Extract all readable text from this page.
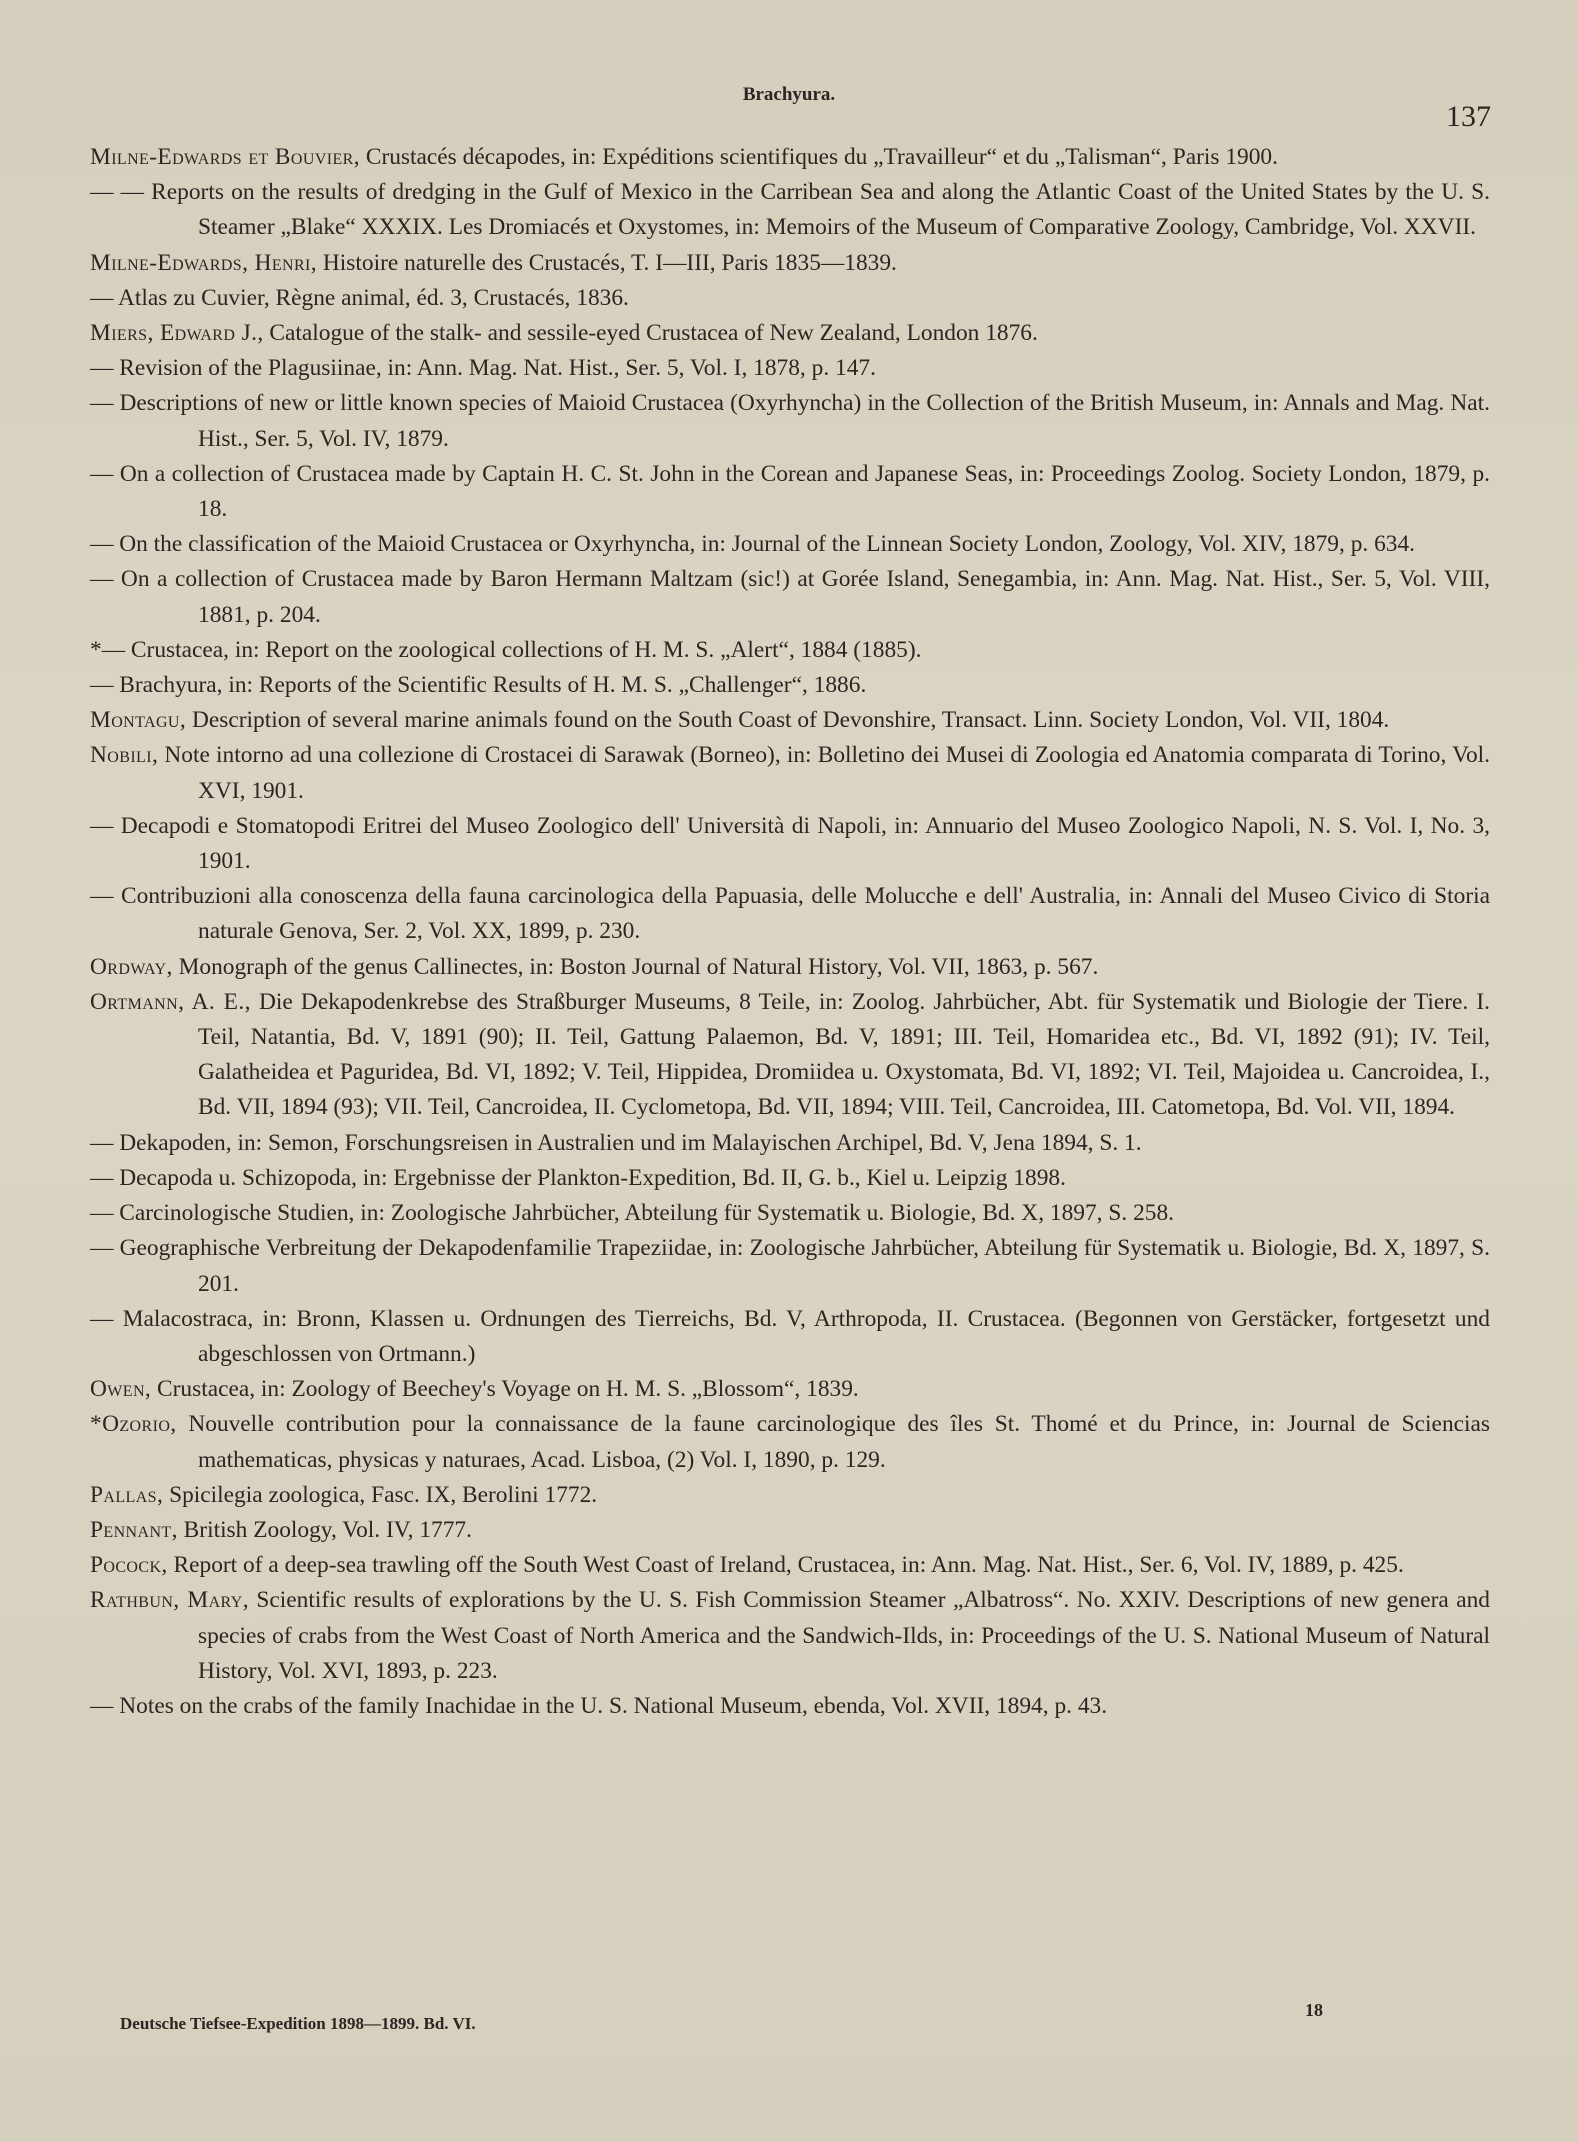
Brachyura.
137
Milne-Edwards et Bouvier, Crustacés décapodes, in: Expéditions scientifiques du „Travailleur“ et du „Talisman“, Paris 1900.
— — Reports on the results of dredging in the Gulf of Mexico in the Carribean Sea and along the Atlantic Coast of the United States by the U. S. Steamer „Blake“ XXXIX. Les Dromiacés et Oxystomes, in: Memoirs of the Museum of Comparative Zoology, Cambridge, Vol. XXVII.
Milne-Edwards, Henri, Histoire naturelle des Crustacés, T. I—III, Paris 1835—1839.
— Atlas zu Cuvier, Règne animal, éd. 3, Crustacés, 1836.
Miers, Edward J., Catalogue of the stalk- and sessile-eyed Crustacea of New Zealand, London 1876.
— Revision of the Plagusiinae, in: Ann. Mag. Nat. Hist., Ser. 5, Vol. I, 1878, p. 147.
— Descriptions of new or little known species of Maioid Crustacea (Oxyrhyncha) in the Collection of the British Museum, in: Annals and Mag. Nat. Hist., Ser. 5, Vol. IV, 1879.
— On a collection of Crustacea made by Captain H. C. St. John in the Corean and Japanese Seas, in: Proceedings Zoolog. Society London, 1879, p. 18.
— On the classification of the Maioid Crustacea or Oxyrhyncha, in: Journal of the Linnean Society London, Zoology, Vol. XIV, 1879, p. 634.
— On a collection of Crustacea made by Baron Hermann Maltzam (sic!) at Gorée Island, Senegambia, in: Ann. Mag. Nat. Hist., Ser. 5, Vol. VIII, 1881, p. 204.
*— Crustacea, in: Report on the zoological collections of H. M. S. „Alert“, 1884 (1885).
— Brachyura, in: Reports of the Scientific Results of H. M. S. „Challenger“, 1886.
Montagu, Description of several marine animals found on the South Coast of Devonshire, Transact. Linn. Society London, Vol. VII, 1804.
Nobili, Note intorno ad una collezione di Crostacei di Sarawak (Borneo), in: Bolletino dei Musei di Zoologia ed Anatomia comparata di Torino, Vol. XVI, 1901.
— Decapodi e Stomatopodi Eritrei del Museo Zoologico dell' Università di Napoli, in: Annuario del Museo Zoologico Napoli, N. S. Vol. I, No. 3, 1901.
— Contribuzioni alla conoscenza della fauna carcinologica della Papuasia, delle Molucche e dell' Australia, in: Annali del Museo Civico di Storia naturale Genova, Ser. 2, Vol. XX, 1899, p. 230.
Ordway, Monograph of the genus Callinectes, in: Boston Journal of Natural History, Vol. VII, 1863, p. 567.
Ortmann, A. E., Die Dekapodenkrebse des Straßburger Museums, 8 Teile, in: Zoolog. Jahrbücher, Abt. für Systematik und Biologie der Tiere. I. Teil, Natantia, Bd. V, 1891 (90); II. Teil, Gattung Palaemon, Bd. V, 1891; III. Teil, Homaridea etc., Bd. VI, 1892 (91); IV. Teil, Galatheidea et Paguridea, Bd. VI, 1892; V. Teil, Hippidea, Dromiidea u. Oxystomata, Bd. VI, 1892; VI. Teil, Majoidea u. Cancroidea, I., Bd. VII, 1894 (93); VII. Teil, Cancroidea, II. Cyclometopa, Bd. VII, 1894; VIII. Teil, Cancroidea, III. Catometopa, Bd. Vol. VII, 1894.
— Dekapoden, in: Semon, Forschungsreisen in Australien und im Malayischen Archipel, Bd. V, Jena 1894, S. 1.
— Decapoda u. Schizopoda, in: Ergebnisse der Plankton-Expedition, Bd. II, G. b., Kiel u. Leipzig 1898.
— Carcinologische Studien, in: Zoologische Jahrbücher, Abteilung für Systematik u. Biologie, Bd. X, 1897, S. 258.
— Geographische Verbreitung der Dekapodenfamilie Trapeziidae, in: Zoologische Jahrbücher, Abteilung für Systematik u. Biologie, Bd. X, 1897, S. 201.
— Malacostraca, in: Bronn, Klassen u. Ordnungen des Tierreichs, Bd. V, Arthropoda, II. Crustacea. (Begonnen von Gerstäcker, fortgesetzt und abgeschlossen von Ortmann.)
Owen, Crustacea, in: Zoology of Beechey's Voyage on H. M. S. „Blossom“, 1839.
*Ozorio, Nouvelle contribution pour la connaissance de la faune carcinologique des îles St. Thomé et du Prince, in: Journal de Sciencias mathematicas, physicas y naturaes, Acad. Lisboa, (2) Vol. I, 1890, p. 129.
Pallas, Spicilegia zoologica, Fasc. IX, Berolini 1772.
Pennant, British Zoology, Vol. IV, 1777.
Pocock, Report of a deep-sea trawling off the South West Coast of Ireland, Crustacea, in: Ann. Mag. Nat. Hist., Ser. 6, Vol. IV, 1889, p. 425.
Rathbun, Mary, Scientific results of explorations by the U. S. Fish Commission Steamer „Albatross“. No. XXIV. Descriptions of new genera and species of crabs from the West Coast of North America and the Sandwich-Ilds, in: Proceedings of the U. S. National Museum of Natural History, Vol. XVI, 1893, p. 223.
— Notes on the crabs of the family Inachidae in the U. S. National Museum, ebenda, Vol. XVII, 1894, p. 43.
Deutsche Tiefsee-Expedition 1898—1899. Bd. VI.
18
